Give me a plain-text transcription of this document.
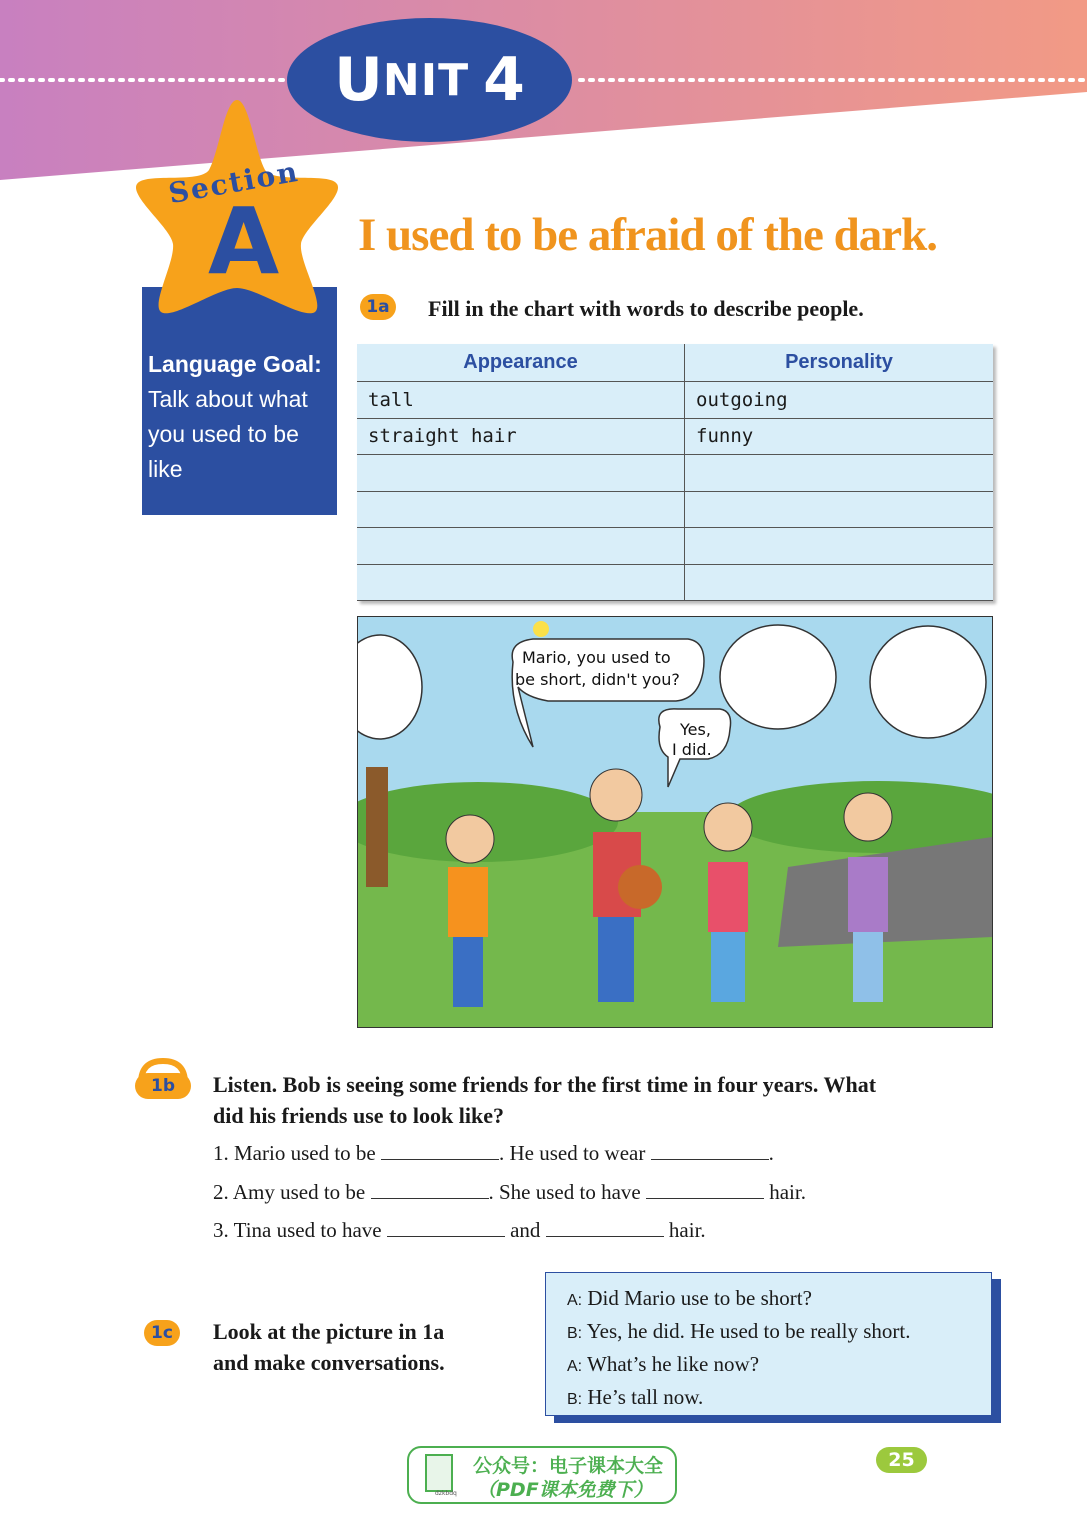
U NIT 4
Language Goal:
Talk about what you used to be like
Section
A I used to be afraid of the dark.
1a Fill in the chart with words to describe people.
Appearance	Personality
tall	outgoing
straight hair	funny

Mario, you used to
be short, didn't you?
Yes,
I did.
1b Listen. Bob is seeing some friends for the first time in four years. What
did his friends use to look like?
1. Mario used to be	. He used to wear	.
2. Amy used to be	. She used to have	hair.
3. Tina used to have	and	hair.
1c	Look at the picture in 1a
and make conversations.
A: Did Mario use to be short?
B: Yes, he did. He used to be really short.
A: What’s he like now?
B: He’s tall now.
dzkbdq
公众号：电子课本大全
（PDF课本免费下）
25
